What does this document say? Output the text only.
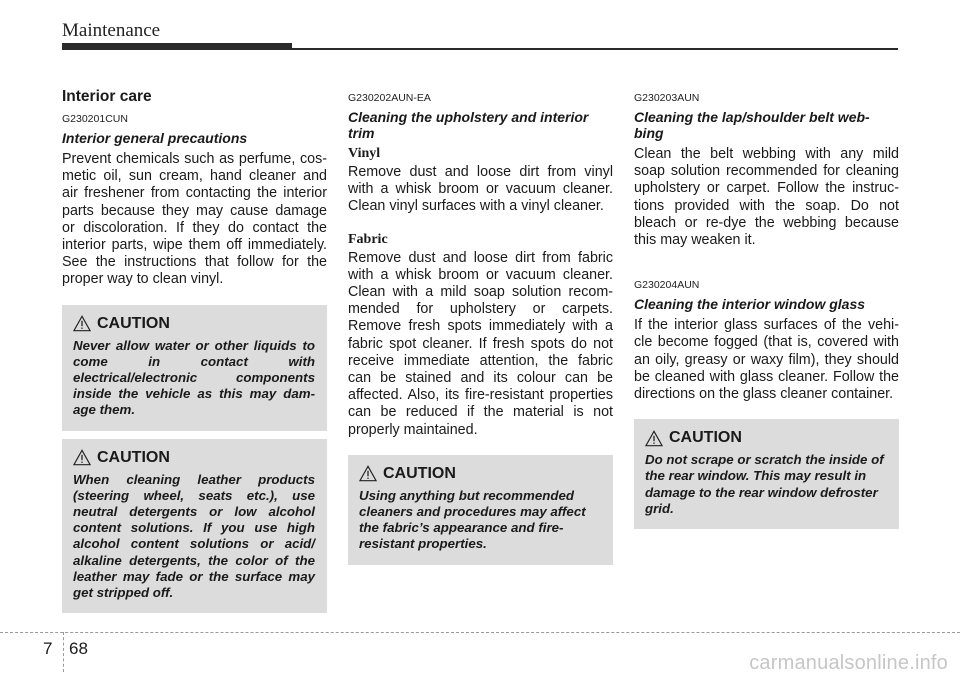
Maintenance
Interior care
G230201CUN
Interior general precautions

Prevent chemicals such as perfume, cos-metic oil, sun cream, hand cleaner and air freshener from contacting the interior parts because they may cause damage or discoloration. If they do contact the interior parts, wipe them off immediately. See the instructions that follow for the proper way to clean vinyl.

CAUTION

Never allow water or other liquids to come in contact with electrical/electronic components inside the vehicle as this may dam-age them.

CAUTION

When cleaning leather products (steering wheel, seats etc.), use neutral detergents or low alcohol content solutions. If you use high alcohol content solutions or acid/ alkaline detergents, the color of the leather may fade or the surface may get stripped off.

G230202AUN-EA
Cleaning the upholstery and interior trim
Vinyl

Remove dust and loose dirt from vinyl with a whisk broom or vacuum cleaner. Clean vinyl surfaces with a vinyl cleaner.

Fabric

Remove dust and loose dirt from fabric with a whisk broom or vacuum cleaner. Clean with a mild soap solution recom-mended for upholstery or carpets. Remove fresh spots immediately with a fabric spot cleaner. If fresh spots do not receive immediate attention, the fabric can be stained and its colour can be affected. Also, its fire-resistant properties can be reduced if the material is not properly maintained.

CAUTION

Using anything but recommended cleaners and procedures may affect the fabric’s appearance and fire-resistant properties.

G230203AUN
Cleaning the lap/shoulder belt web-bing

Clean the belt webbing with any mild soap solution recommended for cleaning upholstery or carpet. Follow the instruc-tions provided with the soap. Do not bleach or re-dye the webbing because this may weaken it.

G230204AUN
Cleaning the interior window glass

If the interior glass surfaces of the vehi-cle become fogged (that is, covered with an oily, greasy or waxy film), they should be cleaned with glass cleaner. Follow the directions on the glass cleaner container.

CAUTION

Do not scrape or scratch the inside of the rear window. This may result in damage to the rear window defroster grid.

7 68
carmanualsonline.info
